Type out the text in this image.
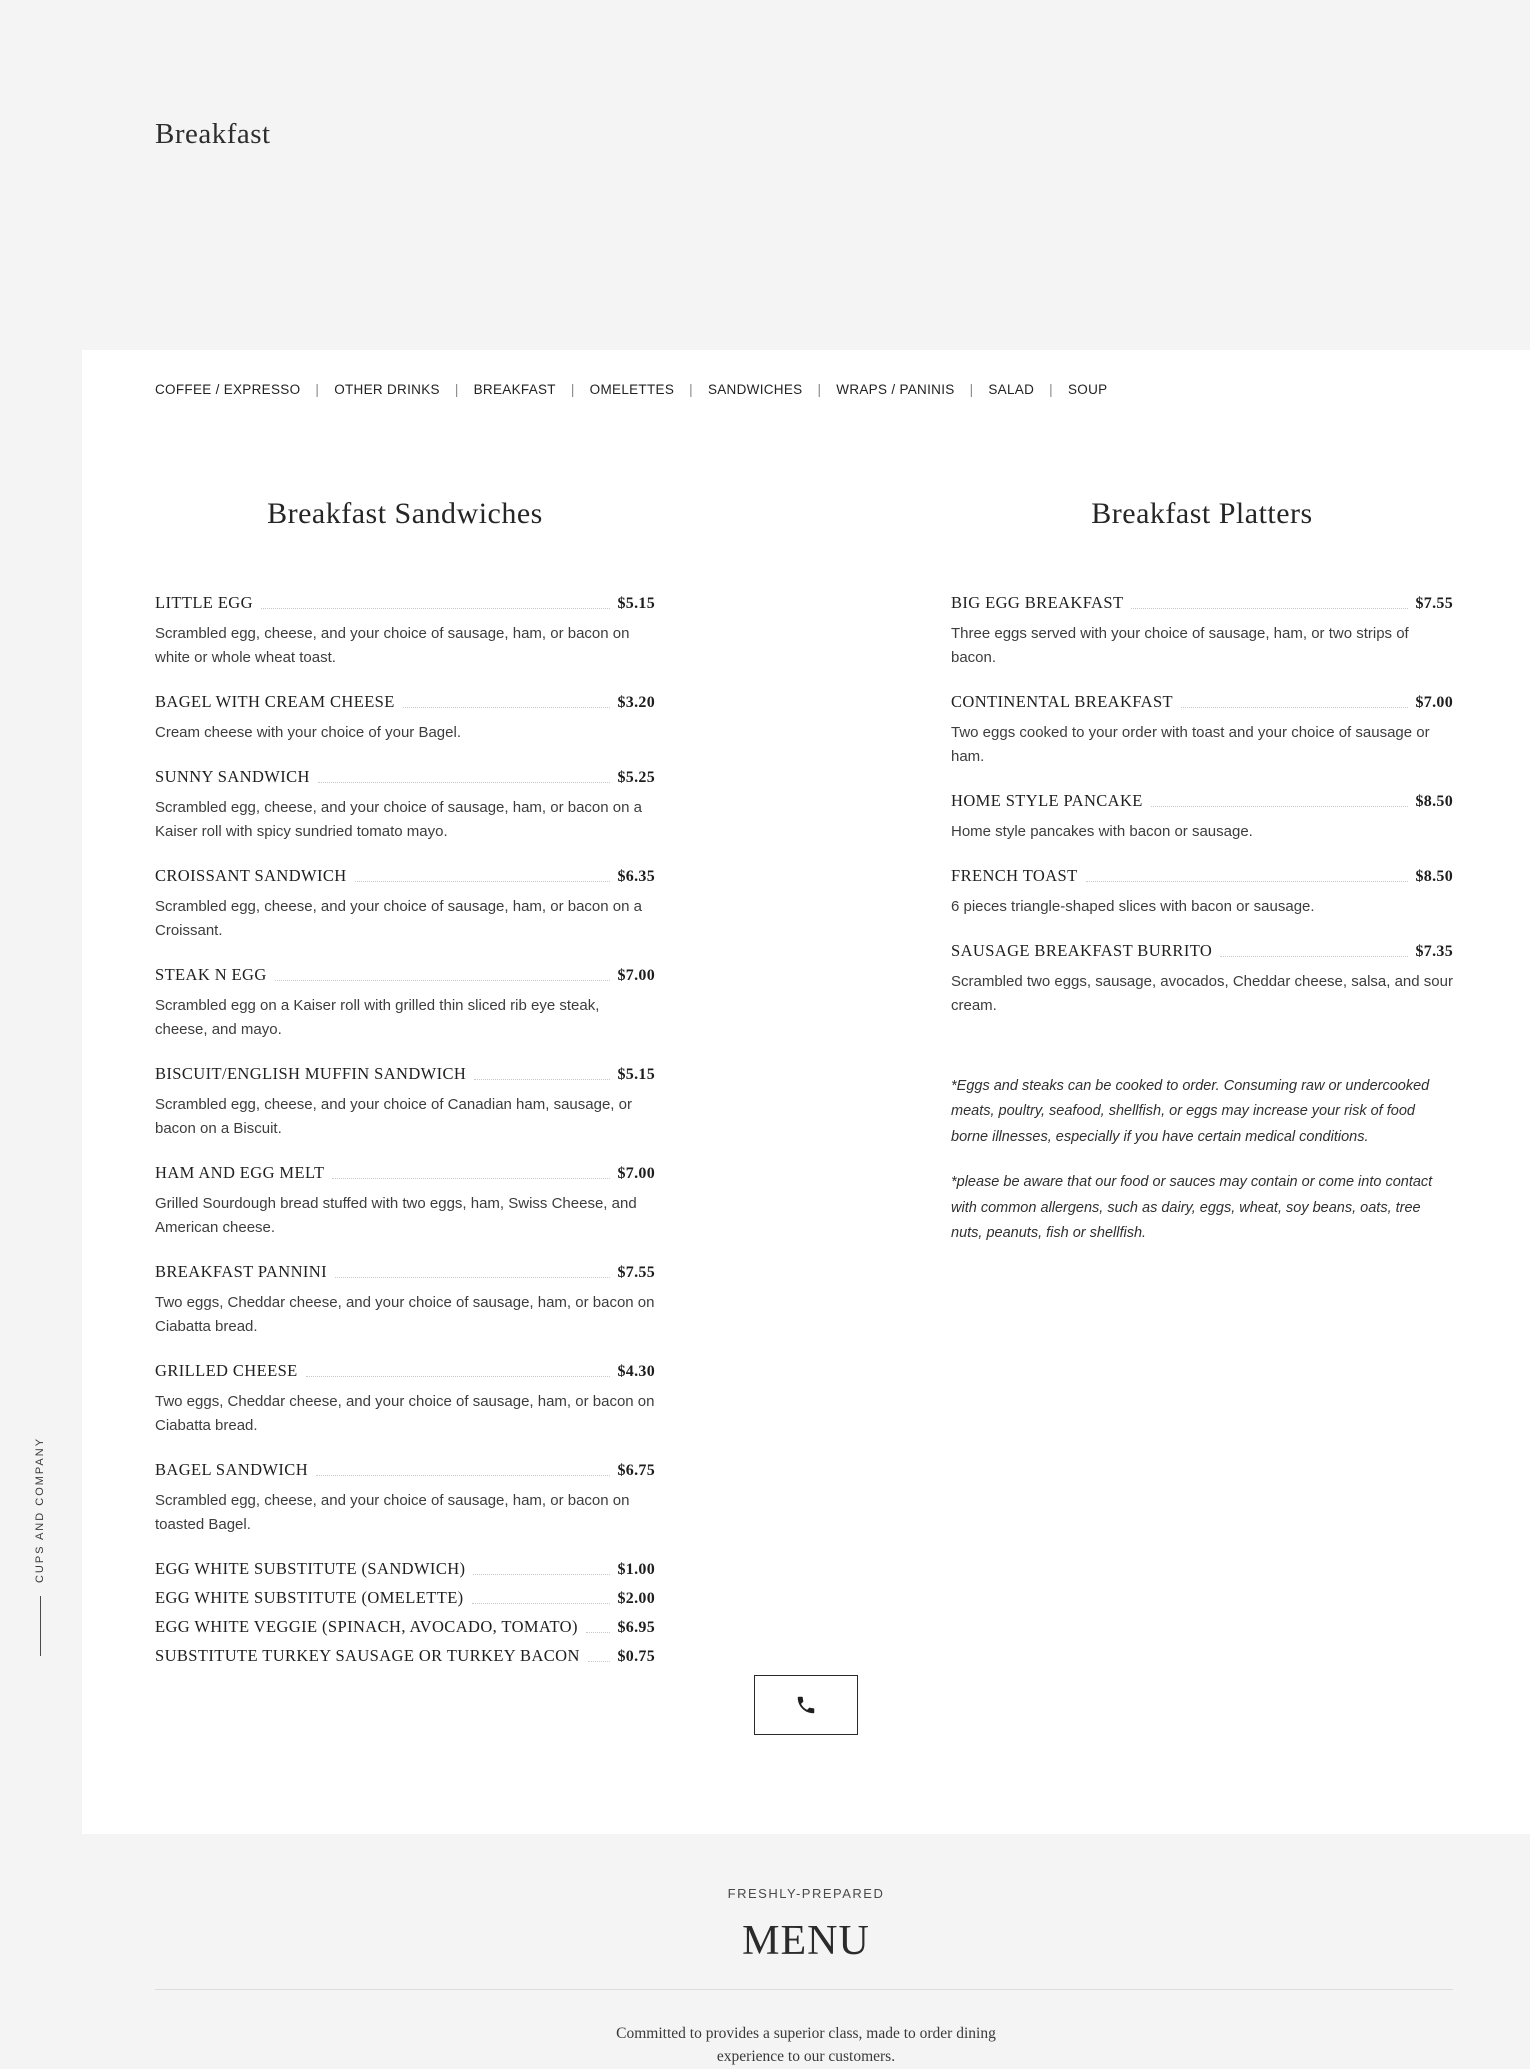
Breakfast
CUPS AND COMPANY
COFFEE / EXPRESSO | OTHER DRINKS | BREAKFAST | OMELETTES | SANDWICHES | WRAPS / PANINIS | SALAD | SOUP
Breakfast Sandwiches
LITTLE EGG	$5.15

Scrambled egg, cheese, and your choice of sausage, ham, or bacon on white or whole wheat toast.

BAGEL WITH CREAM CHEESE	$3.20

Cream cheese with your choice of your Bagel.

SUNNY SANDWICH	$5.25

Scrambled egg, cheese, and your choice of sausage, ham, or bacon on a Kaiser roll with spicy sundried tomato mayo.

CROISSANT SANDWICH	$6.35

Scrambled egg, cheese, and your choice of sausage, ham, or bacon on a Croissant.

STEAK N EGG	$7.00

Scrambled egg on a Kaiser roll with grilled thin sliced rib eye steak, cheese, and mayo.

BISCUIT/ENGLISH MUFFIN SANDWICH	$5.15

Scrambled egg, cheese, and your choice of Canadian ham, sausage, or bacon on a Biscuit.

HAM AND EGG MELT	$7.00

Grilled Sourdough bread stuffed with two eggs, ham, Swiss Cheese, and American cheese.

BREAKFAST PANNINI	$7.55

Two eggs, Cheddar cheese, and your choice of sausage, ham, or bacon on Ciabatta bread.

GRILLED CHEESE	$4.30

Two eggs, Cheddar cheese, and your choice of sausage, ham, or bacon on Ciabatta bread.

BAGEL SANDWICH	$6.75

Scrambled egg, cheese, and your choice of sausage, ham, or bacon on toasted Bagel.

EGG WHITE SUBSTITUTE (SANDWICH)	$1.00
EGG WHITE SUBSTITUTE (OMELETTE)	$2.00
EGG WHITE VEGGIE (SPINACH, AVOCADO, TOMATO) $6.95
SUBSTITUTE TURKEY SAUSAGE OR TURKEY BACON $0.75
Breakfast Platters
BIG EGG BREAKFAST	$7.55

Three eggs served with your choice of sausage, ham, or two strips of bacon.

CONTINENTAL BREAKFAST	$7.00

Two eggs cooked to your order with toast and your choice of sausage or ham.

HOME STYLE PANCAKE	$8.50

Home style pancakes with bacon or sausage.

FRENCH TOAST	$8.50

6 pieces triangle-shaped slices with bacon or sausage.

SAUSAGE BREAKFAST BURRITO	$7.35

Scrambled two eggs, sausage, avocados, Cheddar cheese, salsa, and sour cream.

*Eggs and steaks can be cooked to order. Consuming raw or undercooked meats, poultry, seafood, shellfish, or eggs may increase your risk of food borne illnesses, especially if you have certain medical conditions.

*please be aware that our food or sauces may contain or come into contact with common allergens, such as dairy, eggs, wheat, soy beans, oats, tree nuts, peanuts, fish or shellfish.

FRESHLY-PREPARED
MENU

Committed to provides a superior class, made to order dining
experience to our customers.
